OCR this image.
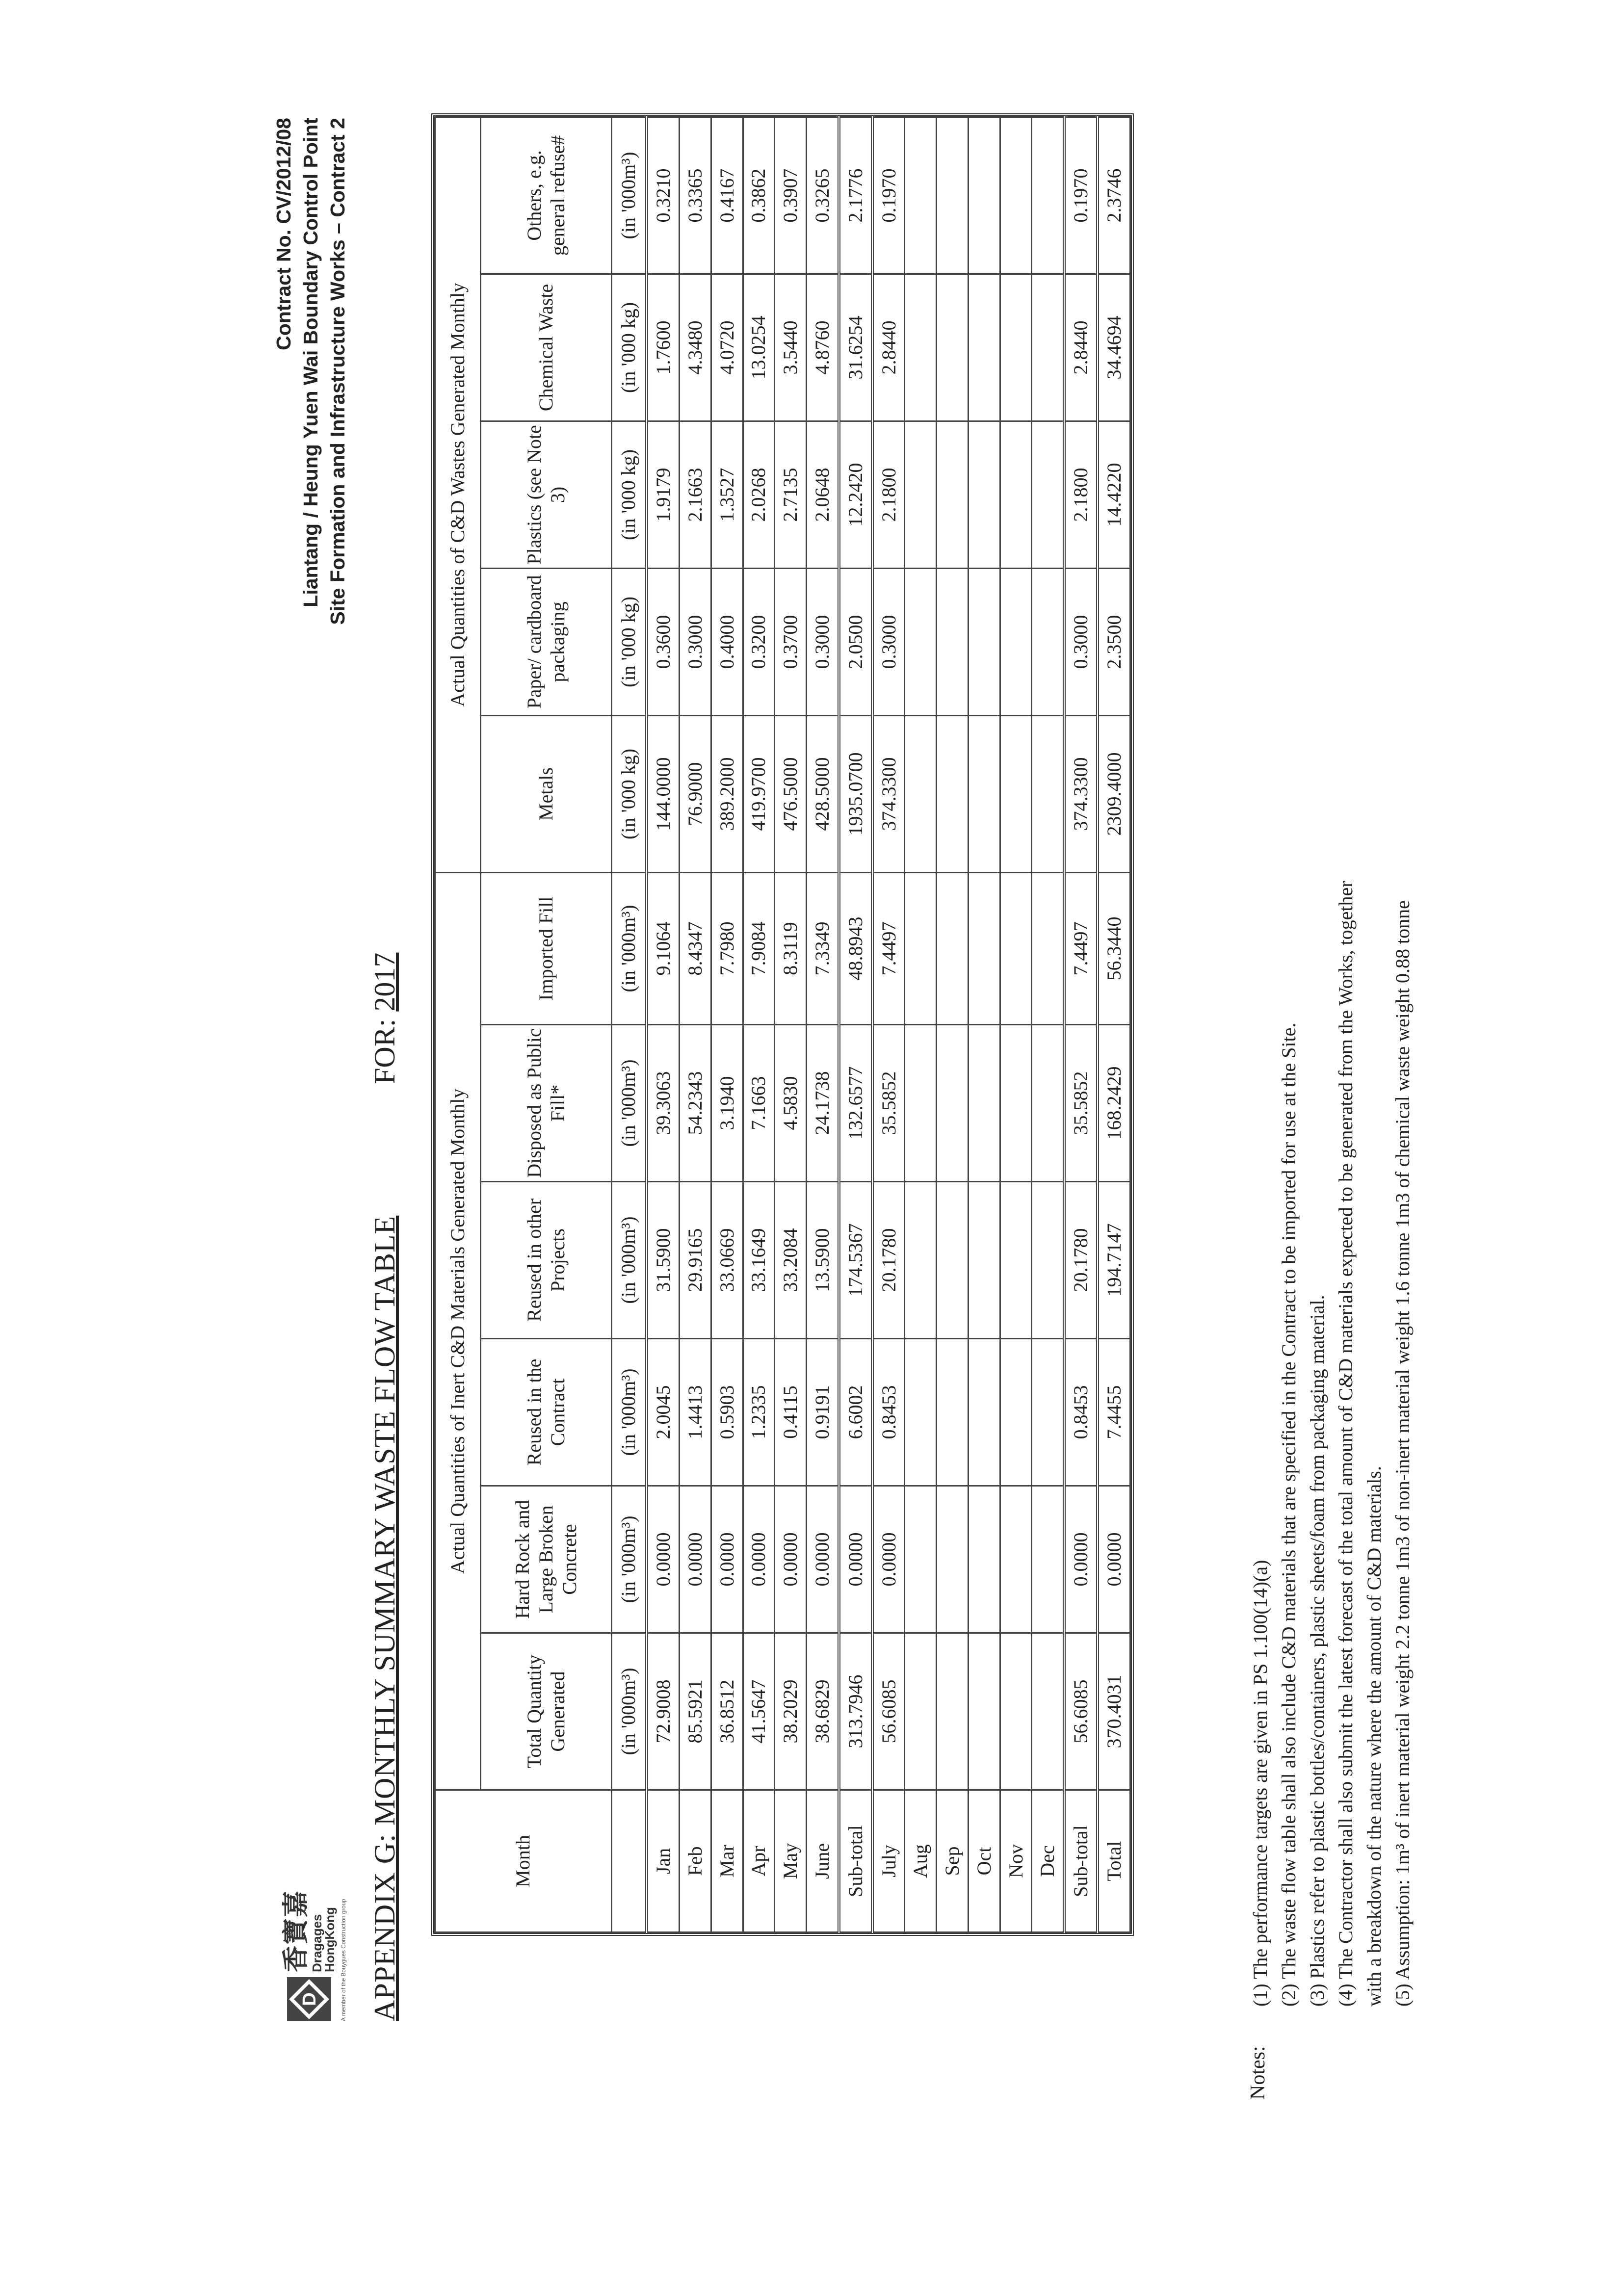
D
香寶嘉
Dragages
HongKong A member of the Bouygues Construction group
Contract No. CV/2012/08 Liantang / Heung Yuen Wai Boundary Control Point Site Formation and Infrastructure Works – Contract 2
APPENDIX G: MONTHLY SUMMARY WASTE FLOW TABLE
FOR: 2017
Month	Actual Quantities of Inert C&D Materials Generated Monthly						Actual Quantities of C&D Wastes Generated Monthly				
	Total Quantity Generated	Hard Rock and Large Broken Concrete	Reused in the Contract	Reused in other Projects	Disposed as Public Fill*	Imported Fill	Metals	Paper/ cardboard packaging	Plastics (see Note 3)	Chemical Waste	Others, e.g. general refuse#
	(in '000m³)	(in '000m³)	(in '000m³)	(in '000m³)	(in '000m³)	(in '000m³)	(in '000 kg)	(in '000 kg)	(in '000 kg)	(in '000 kg)	(in '000m³)
Jan	72.9008	0.0000	2.0045	31.5900	39.3063	9.1064	144.0000	0.3600	1.9179	1.7600	0.3210
Feb	85.5921	0.0000	1.4413	29.9165	54.2343	8.4347	76.9000	0.3000	2.1663	4.3480	0.3365
Mar	36.8512	0.0000	0.5903	33.0669	3.1940	7.7980	389.2000	0.4000	1.3527	4.0720	0.4167
Apr	41.5647	0.0000	1.2335	33.1649	7.1663	7.9084	419.9700	0.3200	2.0268	13.0254	0.3862
May	38.2029	0.0000	0.4115	33.2084	4.5830	8.3119	476.5000	0.3700	2.7135	3.5440	0.3907
June	38.6829	0.0000	0.9191	13.5900	24.1738	7.3349	428.5000	0.3000	2.0648	4.8760	0.3265
Sub-total	313.7946	0.0000	6.6002	174.5367	132.6577	48.8943	1935.0700	2.0500	12.2420	31.6254	2.1776
July	56.6085	0.0000	0.8453	20.1780	35.5852	7.4497	374.3300	0.3000	2.1800	2.8440	0.1970
Aug											
Sep											
Oct											
Nov											
Dec											
Sub-total	56.6085	0.0000	0.8453	20.1780	35.5852	7.4497	374.3300	0.3000	2.1800	2.8440	0.1970
Total	370.4031	0.0000	7.4455	194.7147	168.2429	56.3440	2309.4000	2.3500	14.4220	34.4694	2.3746
Notes:
(1) The performance targets are given in PS 1.100(14)(a) (2) The waste flow table shall also include C&D materials that are specified in the Contract to be imported for use at the Site. (3) Plastics refer to plastic bottles/containers, plastic sheets/foam from packaging material. (4) The Contractor shall also submit the latest forecast of the total amount of C&D materials expected to be generated from the Works, together with a breakdown of the nature where the amount of C&D materials. (5) Assumption: 1m³ of inert material weight 2.2 tonne 1m3 of non-inert material weight 1.6 tonne 1m3 of chemical waste weight 0.88 tonne
